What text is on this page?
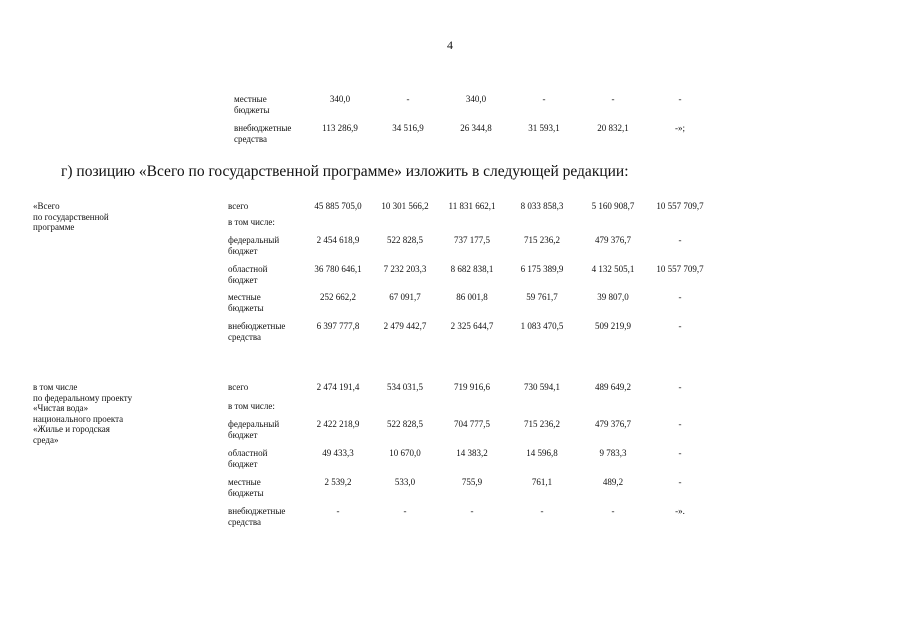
4
местные
бюджеты
340,0	-	340,0	-	-	-
внебюджетные
средства
113 286,9	34 516,9	26 344,8	31 593,1	20 832,1	-»;
г) позицию «Всего по государственной программе» изложить в следующей редакции:
«Всего
по государственной
программе
всего	45 885 705,0	10 301 566,2	11 831 662,1	8 033 858,3	5 160 908,7	10 557 709,7
в том числе:
федеральный
бюджет
2 454 618,9	522 828,5	737 177,5	715 236,2	479 376,7	-
областной
бюджет
36 780 646,1	7 232 203,3	8 682 838,1	6 175 389,9	4 132 505,1	10 557 709,7
местные
бюджеты
252 662,2	67 091,7	86 001,8	59 761,7	39 807,0	-
внебюджетные
средства
6 397 777,8	2 479 442,7	2 325 644,7	1 083 470,5	509 219,9	-
в том числе
по федеральному проекту
«Чистая вода»
национального проекта
«Жилье и городская
среда»
всего	2 474 191,4	534 031,5	719 916,6	730 594,1	489 649,2	-
в том числе:
федеральный
бюджет
2 422 218,9	522 828,5	704 777,5	715 236,2	479 376,7	-
областной
бюджет
49 433,3	10 670,0	14 383,2	14 596,8	9 783,3	-
местные
бюджеты
2 539,2	533,0	755,9	761,1	489,2	-
внебюджетные
средства
-	-	-	-	-	-».
